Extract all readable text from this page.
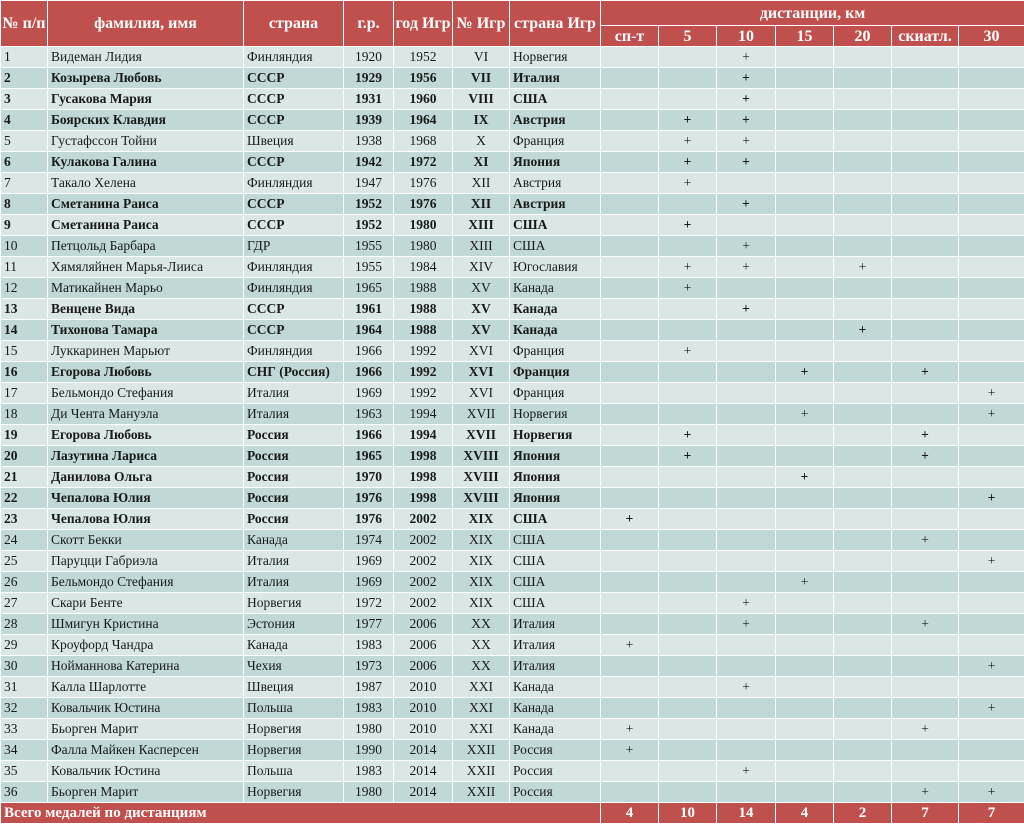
№ п/п	фамилия, имя	страна	г.р.	год Игр	№ Игр	страна Игр	дистанции, км						
							сп-т	5	10	15	20	скиатл.	30
1	Видеман Лидия	Финляндия	1920	1952	VI	Норвегия			+				
2	Козырева Любовь	СССР	1929	1956	VII	Италия			+				
3	Гусакова Мария	СССР	1931	1960	VIII	США			+				
4	Боярских Клавдия	СССР	1939	1964	IX	Австрия		+	+				
5	Густафссон Тойни	Швеция	1938	1968	X	Франция		+	+				
6	Кулакова Галина	СССР	1942	1972	XI	Япония		+	+				
7	Такало Хелена	Финляндия	1947	1976	XII	Австрия		+					
8	Сметанина Раиса	СССР	1952	1976	XII	Австрия			+				
9	Сметанина Раиса	СССР	1952	1980	XIII	США		+					
10	Петцольд Барбара	ГДР	1955	1980	XIII	США			+				
11	Хямяляйнен Марья-Лииса	Финляндия	1955	1984	XIV	Югославия		+	+		+		
12	Матикайнен Марьо	Финляндия	1965	1988	XV	Канада		+					
13	Венцене Вида	СССР	1961	1988	XV	Канада			+				
14	Тихонова Тамара	СССР	1964	1988	XV	Канада					+		
15	Луккаринен Марьют	Финляндия	1966	1992	XVI	Франция		+					
16	Егорова Любовь	СНГ (Россия)	1966	1992	XVI	Франция				+		+	
17	Бельмондо Стефания	Италия	1969	1992	XVI	Франция							+
18	Ди Чента Мануэла	Италия	1963	1994	XVII	Норвегия				+			+
19	Егорова Любовь	Россия	1966	1994	XVII	Норвегия		+				+	
20	Лазутина Лариса	Россия	1965	1998	XVIII	Япония		+				+	
21	Данилова Ольга	Россия	1970	1998	XVIII	Япония				+			
22	Чепалова Юлия	Россия	1976	1998	XVIII	Япония							+
23	Чепалова Юлия	Россия	1976	2002	XIX	США	+						
24	Скотт Бекки	Канада	1974	2002	XIX	США						+	
25	Паруцци Габриэла	Италия	1969	2002	XIX	США							+
26	Бельмондо Стефания	Италия	1969	2002	XIX	США				+			
27	Скари Бенте	Норвегия	1972	2002	XIX	США			+				
28	Шмигун Кристина	Эстония	1977	2006	XX	Италия			+			+	
29	Кроуфорд Чандра	Канада	1983	2006	XX	Италия	+						
30	Нойманнова Катерина	Чехия	1973	2006	XX	Италия							+
31	Калла Шарлотте	Швеция	1987	2010	XXI	Канада			+				
32	Ковальчик Юстина	Польша	1983	2010	XXI	Канада							+
33	Бьорген Марит	Норвегия	1980	2010	XXI	Канада	+					+	
34	Фалла Майкен Касперсен	Норвегия	1990	2014	XXII	Россия	+						
35	Ковальчик Юстина	Польша	1983	2014	XXII	Россия			+				
36	Бьорген Марит	Норвегия	1980	2014	XXII	Россия						+	+
Всего медалей по дистанциям							4	10	14	4	2	7	7
